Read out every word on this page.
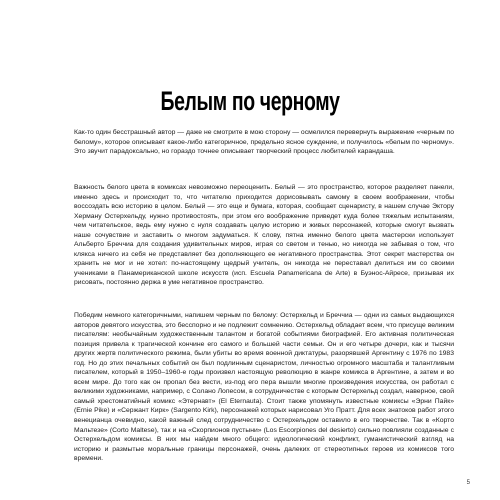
Белым по черному

Как-то один бесстрашный автор — даже не смотрите в мою сторону — осмелился перевернуть выражение «черным по белому», которое описывает какое-либо категоричное, предельно ясное суждение, и получилось «белым по черному». Это звучит парадоксально, но гораздо точнее описывает творческий процесс любителей карандаша.

Важность белого цвета в комиксах невозможно переоценить. Белый — это пространство, которое разделяет панели, именно здесь и происходит то, что читателю приходится дорисовывать самому в своем воображении, чтобы воссоздать всю историю в целом. Белый — это еще и бумага, которая, сообщает сценаристу, в нашем случае Эктору Херману Остерхельду, нужно противостоять, при этом его воображение приведет куда более тяжелым испытаниям, чем читательское, ведь ему нужно с нуля создавать целую историю и живых персонажей, которые смогут вызвать наше сочувствие и заставить о многом задуматься. К слову, пятна именно белого цвета мастерски использует Альберто Бреччиа для создания удивительных миров, играя со светом и тенью, но никогда не забывая о том, что кляксa ничего из себя не представляет без дополняющего ее негативного пространства. Этот секрет мастерства он хранить не мог и не хотел: по-настоящему щедрый учитель, он никогда не переставал делиться им со своими учениками в Панамериканской школе искусств (исп. Escuela Panamericana de Arte) в Буэнос-Айресе, призывая их рисовать, постоянно держа в уме негативное пространство.

Победим немного категоричными, напишем черным по белому: Остерхельд и Бреччиа — одни из самых выдающихся авторов девятого искусства, это бесспорно и не подлежит сомнению. Остерхельд обладает всем, что присуще великим писателям: необычайным художественным талантом и богатой событиями биографией. Его активная политическая позиция привела к трагической кончине его самого и большей части семьи. Он и его четыре дочери, как и тысячи других жертв политического режима, были убиты во время военной диктатуры, разорявшей Аргентину с 1976 по 1983 год. Но до этих печальных событий он был подлинным сценаристом, личностью огромного масштаба и талантливым писателем, который в 1950–1960-е годы произвел настоящую революцию в жанре комикса в Аргентине, а затем и во всем мире. До того как он пропал без вести, из-под его пера вышли многие произведения искусства, он работал с великими художниками, например, с Солано Лопесом, в сотрудничестве с которым Остерхельд создал, наверное, свой самый хрестоматийный комикс «Этернавт» (El Eternauta). Стоит также упомянуть известные комиксы «Эрни Пайк» (Ernie Pike) и «Сержант Кирк» (Sargento Kirk), персонажей которых нарисовал Уго Пратт. Для всех знатоков работ этого венецианца очевидно, какой важный след сотрудничество с Остерхельдом оставило в его творчестве. Так в «Корто Мальтезе» (Corto Maltese), так и на «Скорпионов пустыни» (Los Escorpiones del desierto) сильно повлияли созданные с Остерхельдом комиксы. В них мы найдем много общего: идеологический конфликт, гуманистический взгляд на историю и размытые моральные границы персонажей, очень далеких от стереотипных героев из комиксов того времени.

5
